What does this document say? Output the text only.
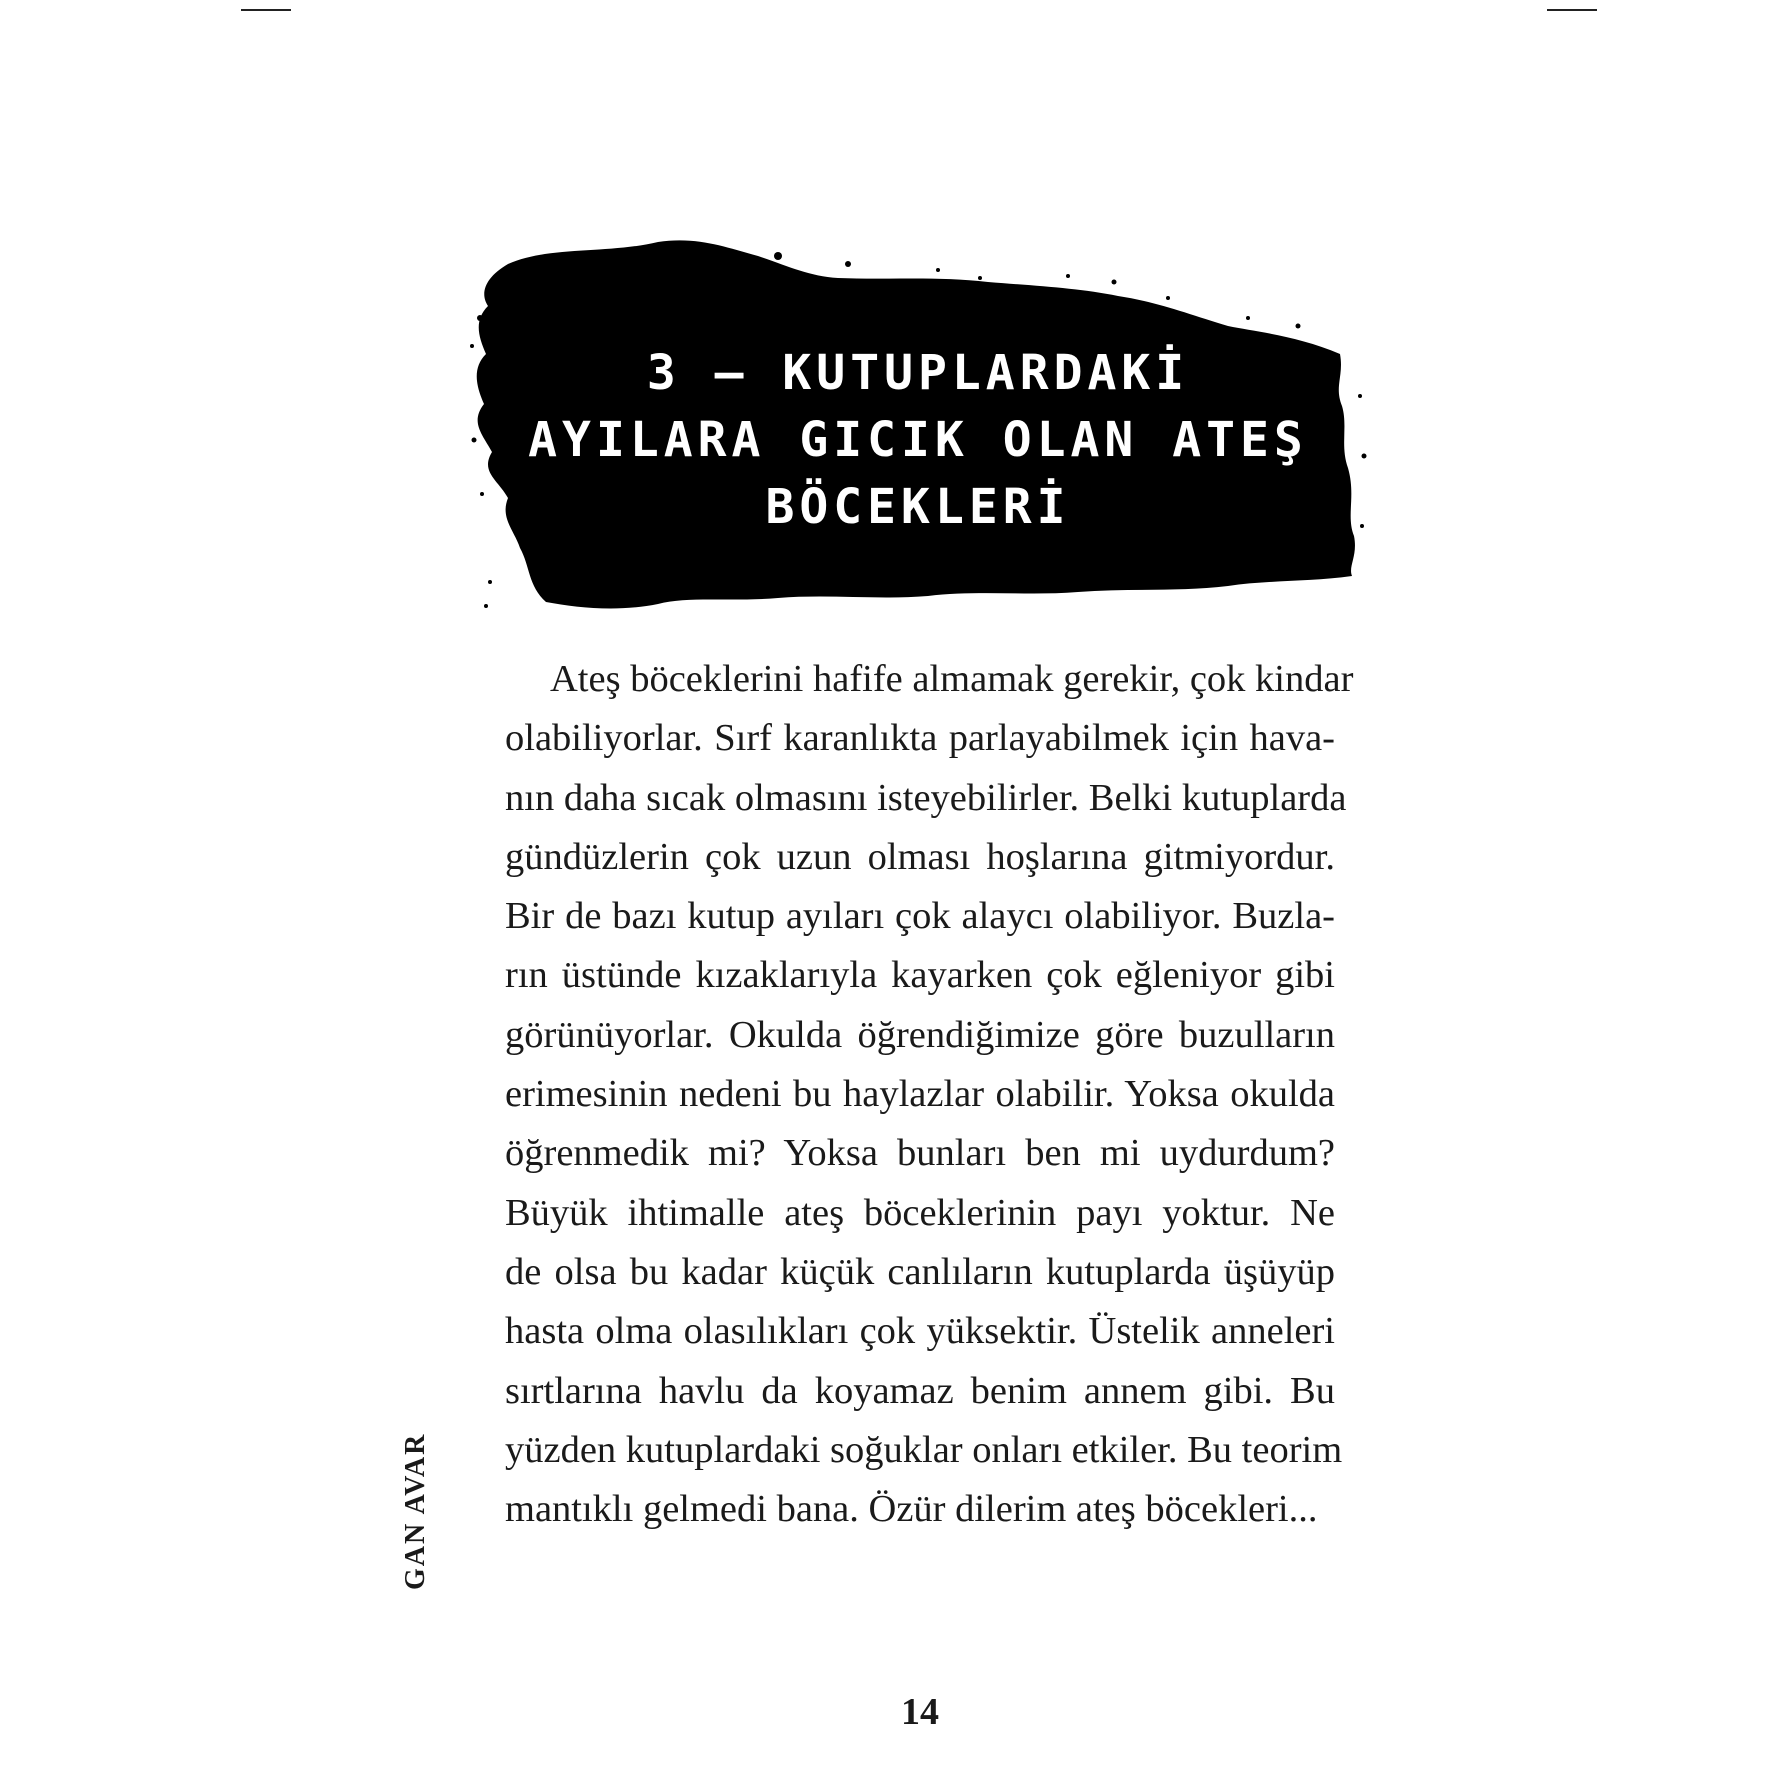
3 – KUTUPLARDAKİ
AYILARA GICIK OLAN ATEŞ
BÖCEKLERİ
Ateş böceklerini hafife almamak gerekir, çok kindar
olabiliyorlar. Sırf karanlıkta parlayabilmek için hava-
nın daha sıcak olmasını isteyebilirler. Belki kutuplarda
gündüzlerin çok uzun olması hoşlarına gitmiyordur.
Bir de bazı kutup ayıları çok alaycı olabiliyor. Buzla-
rın üstünde kızaklarıyla kayarken çok eğleniyor gibi
görünüyorlar. Okulda öğrendiğimize göre buzulların
erimesinin nedeni bu haylazlar olabilir. Yoksa okulda
öğrenmedik mi? Yoksa bunları ben mi uydurdum?
Büyük ihtimalle ateş böceklerinin payı yoktur. Ne
de olsa bu kadar küçük canlıların kutuplarda üşüyüp
hasta olma olasılıkları çok yüksektir. Üstelik anneleri
sırtlarına havlu da koyamaz benim annem gibi. Bu
yüzden kutuplardaki soğuklar onları etkiler. Bu teorim
mantıklı gelmedi bana. Özür dilerim ateş böcekleri...
GAN AVAR
14
